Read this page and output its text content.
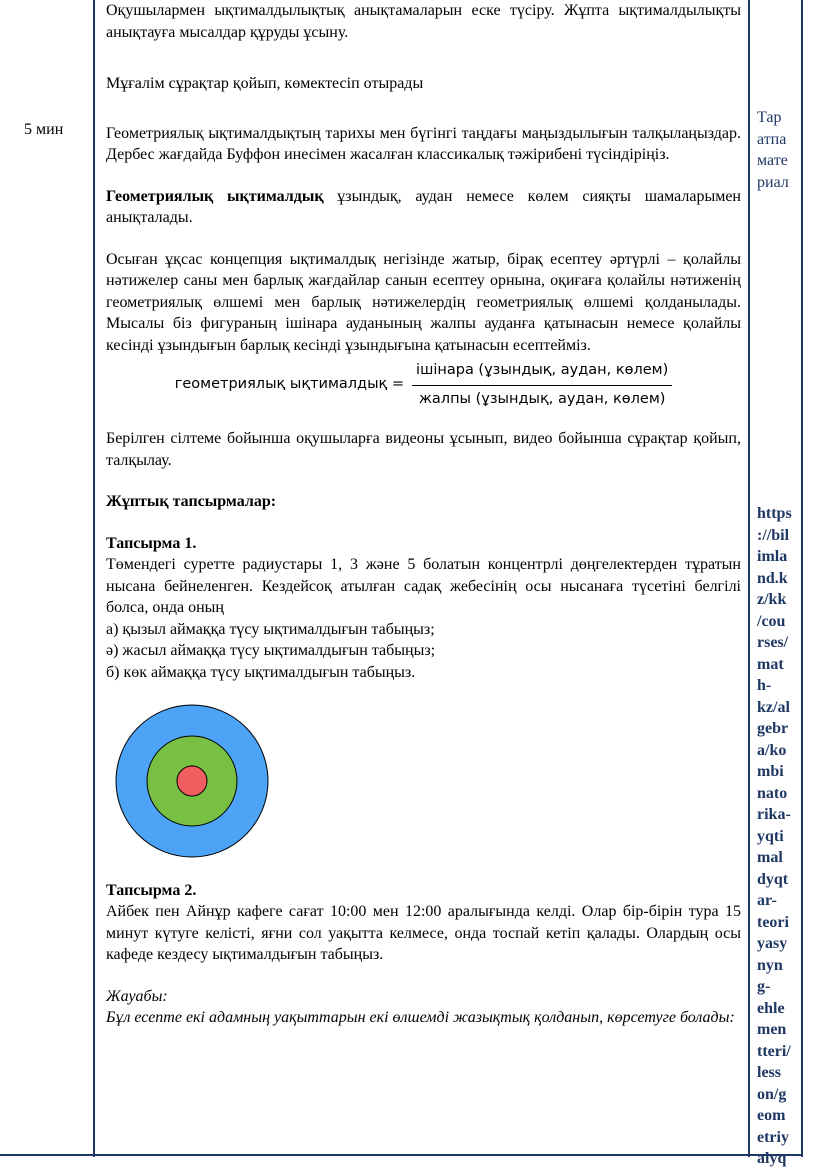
5 мин

Оқушылармен ықтималдылықтық анықтамаларын еске түсіру. Жұпта ықтималдылықты анықтауға мысалдар құруды ұсыну.

Мұғалім сұрақтар қойып, көмектесіп отырады

Геометриялық ықтималдықтың тарихы мен бүгінгі таңдағы маңыздылығын талқылаңыздар. Дербес жағдайда Буффон инесімен жасалған классикалық тәжірибені түсіндіріңіз.

Геометриялық ықтималдық ұзындық, аудан немесе көлем сияқты шамаларымен анықталады.

Осыған ұқсас концепция ықтималдық негізінде жатыр, бірақ есептеу әртүрлі – қолайлы нәтижелер саны мен барлық жағдайлар санын есептеу орнына, оқиғаға қолайлы нәтиженің геометриялық өлшемі мен барлық нәтижелердің геометриялық өлшемі қолданылады. Мысалы біз фигураның ішінара ауданының жалпы ауданға қатынасын немесе қолайлы кесінді ұзындығын барлық кесінді ұзындығына қатынасын есептейміз.

геометриялық ықтималдық = $\frac{\text{ішінара (ұзындық, аудан, көлем)}}{\text{жалпы (ұзындық, аудан, көлем)}}$

Берілген сілтеме бойынша оқушыларға видеоны ұсынып, видео бойынша сұрақтар қойып, талқылау.

Жұптық тапсырмалар:

Тапсырма 1.

Төмендегі суретте радиустары 1, 3 және 5 болатын концентрлі дөңгелектерден тұратын нысана бейнеленген. Кездейсоқ атылған садақ жебесінің осы нысанаға түсетіні белгілі болса, онда оның

а) қызыл аймаққа түсу ықтималдығын табыңыз;

ә) жасыл аймаққа түсу ықтималдығын табыңыз;

б) көк аймаққа түсу ықтималдығын табыңыз.

Тапсырма 2.

Айбек пен Айнұр кафеге сағат 10:00 мен 12:00 аралығында келді. Олар бір-бірін тура 15 минут күтуге келісті, яғни сол уақытта келмесе, онда тоспай кетіп қалады. Олардың осы кафеде кездесу ықтималдығын табыңыз.

Жауабы:

Бұл есепте екі адамның уақыттарын екі өлшемді жазықтық қолданып, көрсетуге болады:

Тар
атпа
мате
риал
https
://bil
imla
nd.k
z/kk
/cou
rses/
mat
h-
kz/al
gebr
a/ko
mbi
nato
rika-
yqti
mal
dyqt
ar-
teori
yasy
nyn
g-
ehle
men
tteri/
less
on/g
eom
etriy
alyq
